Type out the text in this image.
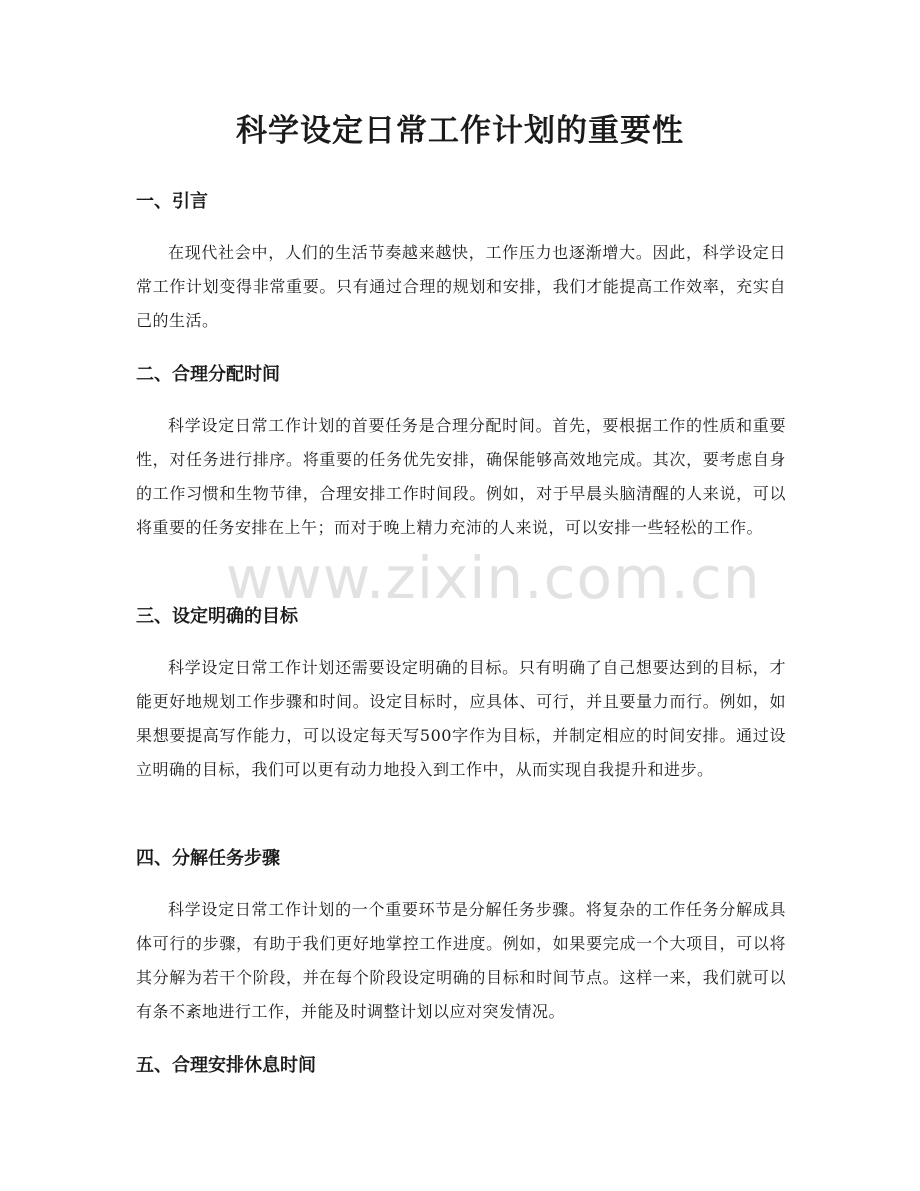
科学设定日常工作计划的重要性
一、引言

在现代社会中，人们的生活节奏越来越快，工作压力也逐渐增大。因此，科学设定日常工作计划变得非常重要。只有通过合理的规划和安排，我们才能提高工作效率，充实自己的生活。

二、合理分配时间

科学设定日常工作计划的首要任务是合理分配时间。首先，要根据工作的性质和重要性，对任务进行排序。将重要的任务优先安排，确保能够高效地完成。其次，要考虑自身的工作习惯和生物节律，合理安排工作时间段。例如，对于早晨头脑清醒的人来说，可以将重要的任务安排在上午；而对于晚上精力充沛的人来说，可以安排一些轻松的工作。

三、设定明确的目标

科学设定日常工作计划还需要设定明确的目标。只有明确了自己想要达到的目标，才能更好地规划工作步骤和时间。设定目标时，应具体、可行，并且要量力而行。例如，如果想要提高写作能力，可以设定每天写500字作为目标，并制定相应的时间安排。通过设立明确的目标，我们可以更有动力地投入到工作中，从而实现自我提升和进步。

四、分解任务步骤

科学设定日常工作计划的一个重要环节是分解任务步骤。将复杂的工作任务分解成具体可行的步骤，有助于我们更好地掌控工作进度。例如，如果要完成一个大项目，可以将其分解为若干个阶段，并在每个阶段设定明确的目标和时间节点。这样一来，我们就可以有条不紊地进行工作，并能及时调整计划以应对突发情况。

五、合理安排休息时间
www.zixin.com.cn
